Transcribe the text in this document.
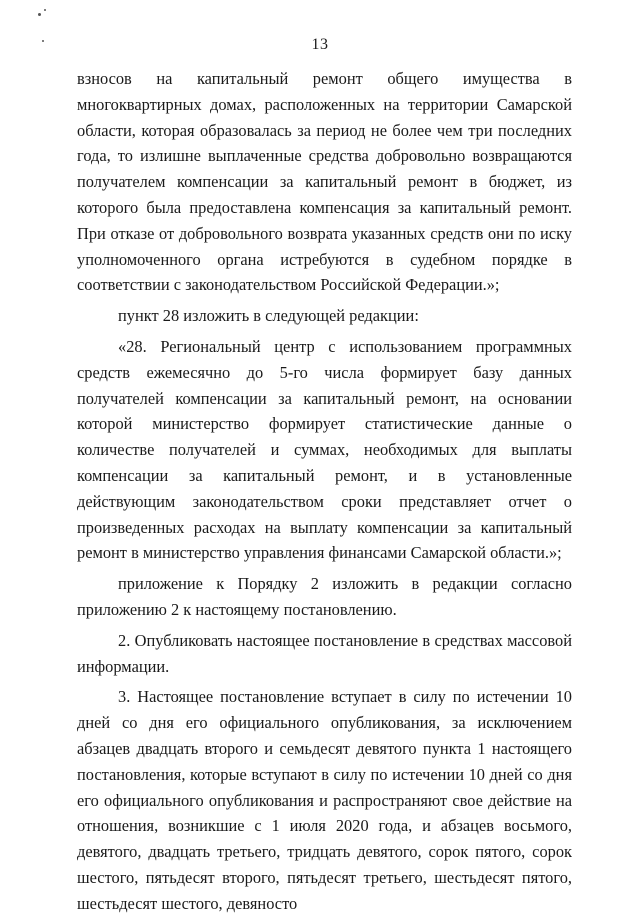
13

взносов на капитальный ремонт общего имущества в многоквартирных домах, расположенных на территории Самарской области, которая образовалась за период не более чем три последних года, то излишне выплаченные средства добровольно возвращаются получателем компенсации за капитальный ремонт в бюджет, из которого была предоставлена компенсация за капитальный ремонт. При отказе от добровольного возврата указанных средств они по иску уполномоченного органа истребуются в судебном порядке в соответствии с законодательством Российской Федерации.»;

пункт 28 изложить в следующей редакции:

«28. Региональный центр с использованием программных средств ежемесячно до 5-го числа формирует базу данных получателей компенсации за капитальный ремонт, на основании которой министерство формирует статистические данные о количестве получателей и суммах, необходимых для выплаты компенсации за капитальный ремонт, и в установленные действующим законодательством сроки представляет отчет о произведенных расходах на выплату компенсации за капитальный ремонт в министерство управления финансами Самарской области.»;

приложение к Порядку 2 изложить в редакции согласно приложению 2 к настоящему постановлению.

2. Опубликовать настоящее постановление в средствах массовой информации.

3. Настоящее постановление вступает в силу по истечении 10 дней со дня его официального опубликования, за исключением абзацев двадцать второго и семьдесят девятого пункта 1 настоящего постановления, которые вступают в силу по истечении 10 дней со дня его официального опубликования и распространяют свое действие на отношения, возникшие с 1 июля 2020 года, и абзацев восьмого, девятого, двадцать третьего, тридцать девятого, сорок пятого, сорок шестого, пятьдесят второго, пятьдесят третьего, шестьдесят пятого, шестьдесят шестого, девяносто
